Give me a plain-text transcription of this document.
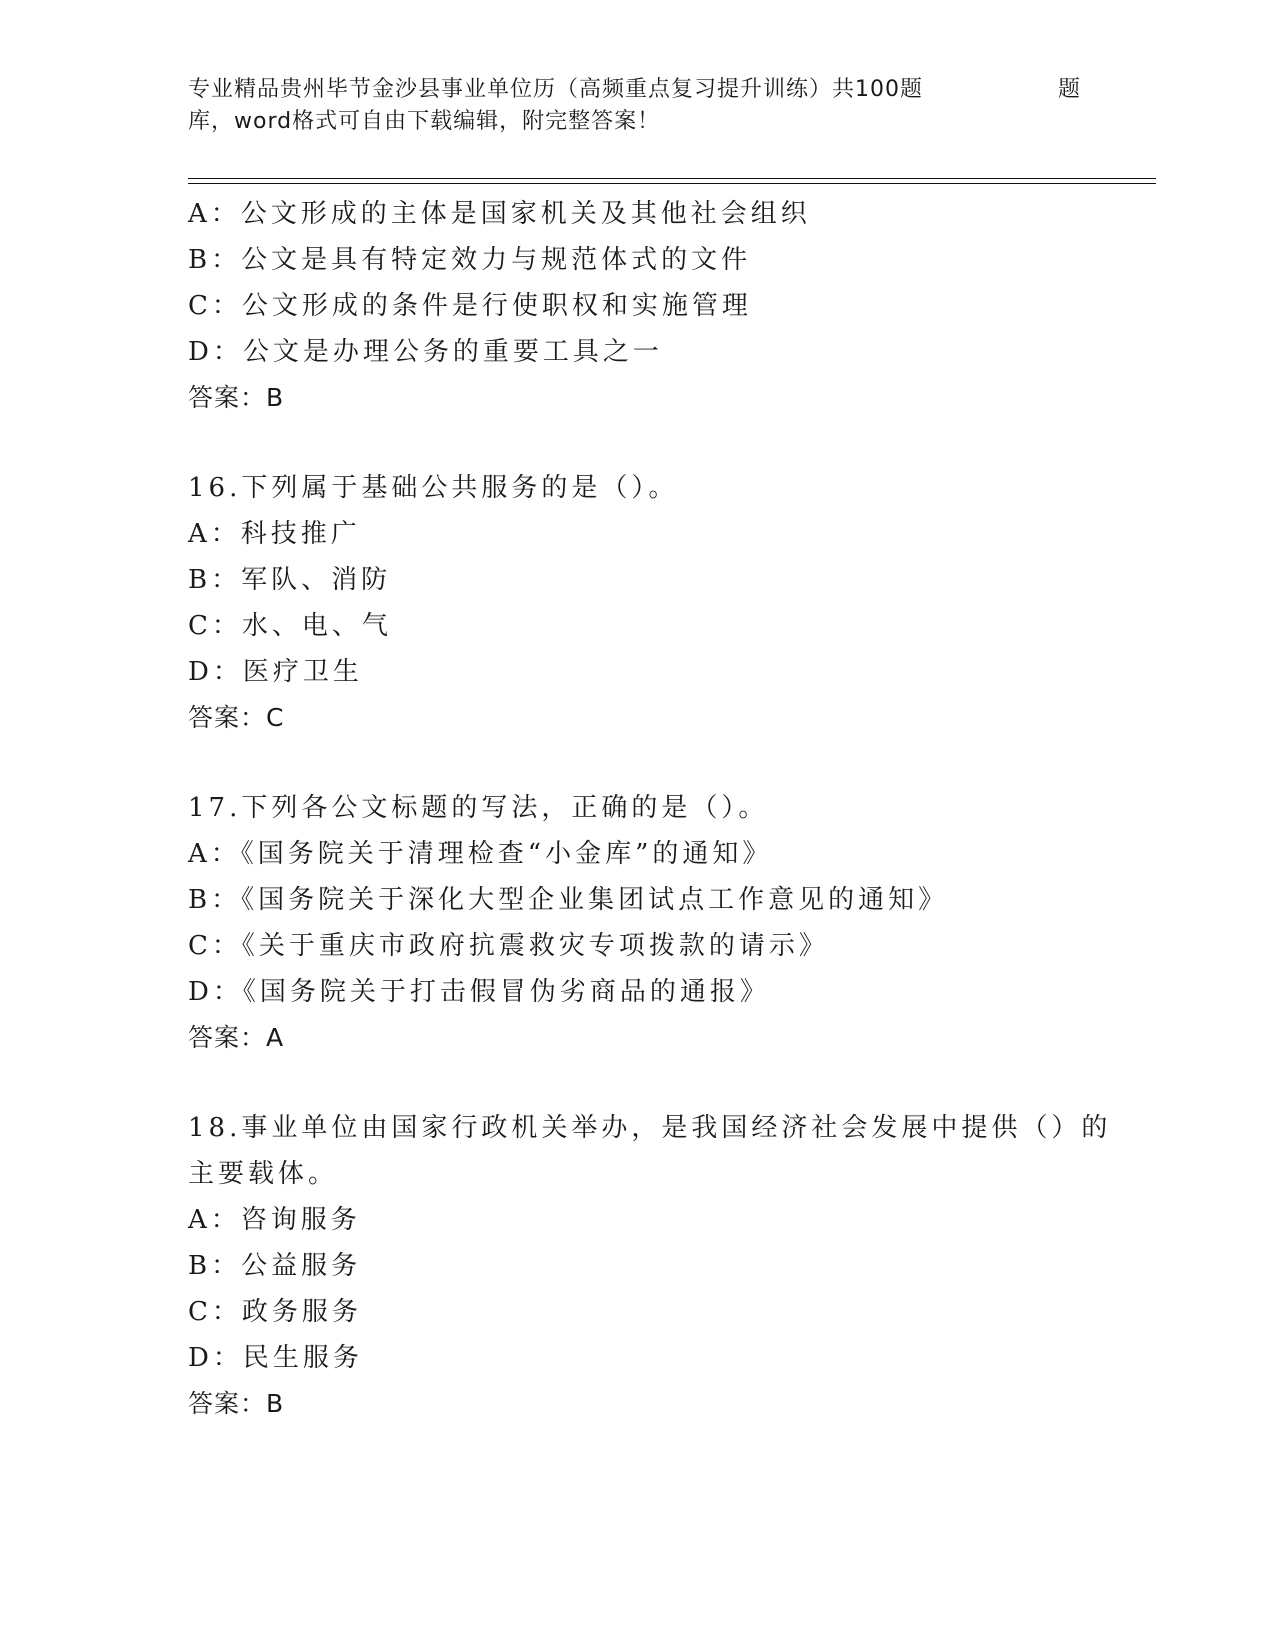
专业精品贵州毕节金沙县事业单位历（高频重点复习提升训练）共100题	题
库，word格式可自由下载编辑，附完整答案！
A：公文形成的主体是国家机关及其他社会组织
B：公文是具有特定效力与规范体式的文件
C：公文形成的条件是行使职权和实施管理
D：公文是办理公务的重要工具之一
答案：B
16.下列属于基础公共服务的是（）。
A：科技推广
B：军队、消防
C：水、电、气
D：医疗卫生
答案：C
17.下列各公文标题的写法，正确的是（）。
A：《国务院关于清理检查“小金库”的通知》
B：《国务院关于深化大型企业集团试点工作意见的通知》
C：《关于重庆市政府抗震救灾专项拨款的请示》
D：《国务院关于打击假冒伪劣商品的通报》
答案：A
18.事业单位由国家行政机关举办，是我国经济社会发展中提供（）的
主要载体。
A：咨询服务
B：公益服务
C：政务服务
D：民生服务
答案：B
